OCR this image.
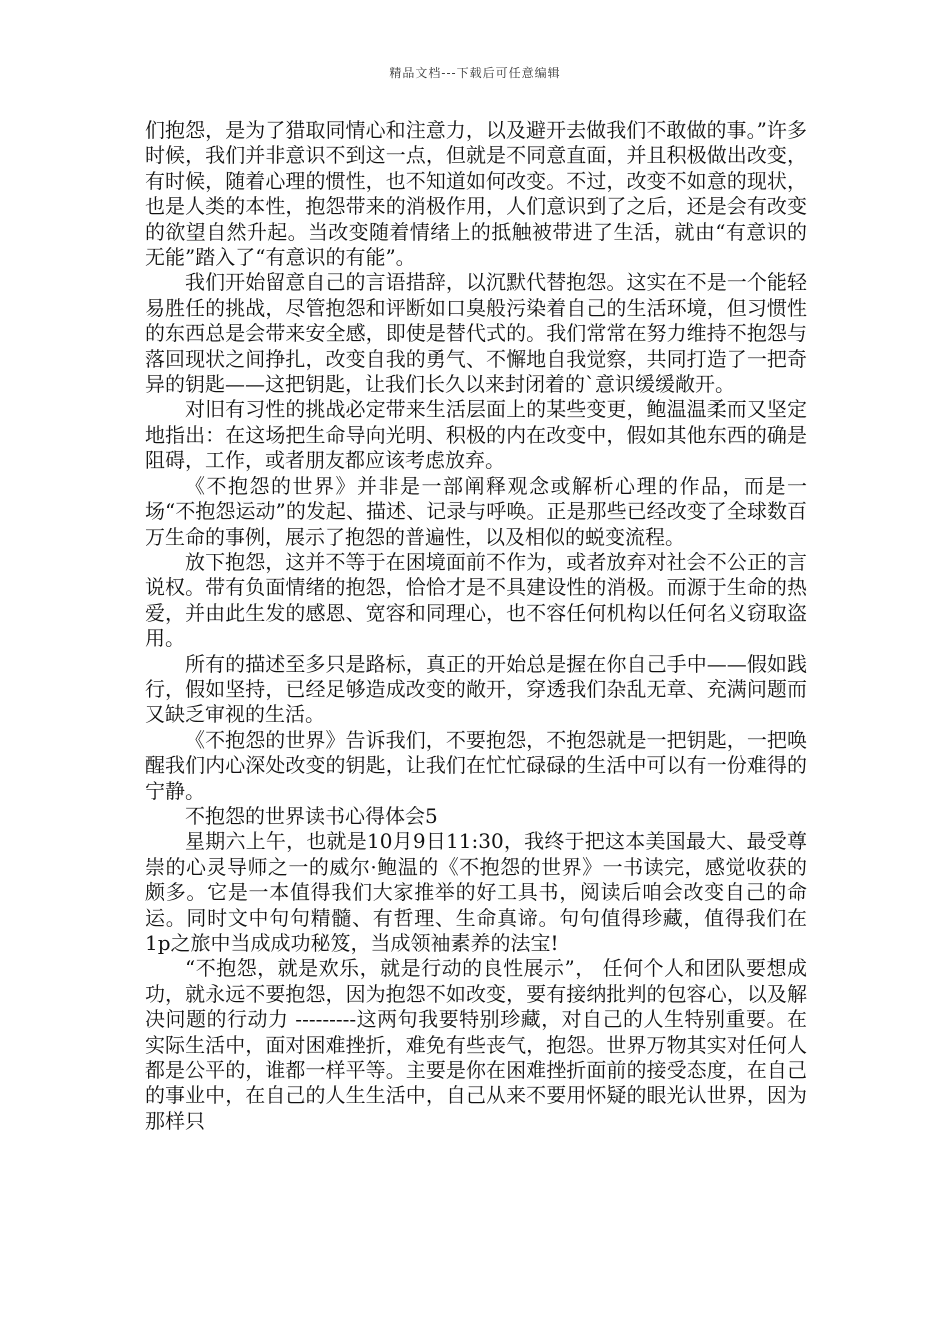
精品文档---下载后可任意编辑

们抱怨，是为了猎取同情心和注意力，以及避开去做我们不敢做的事。”许多时候，我们并非意识不到这一点，但就是不同意直面，并且积极做出改变，有时候，随着心理的惯性，也不知道如何改变。不过，改变不如意的现状，也是人类的本性，抱怨带来的消极作用，人们意识到了之后，还是会有改变的欲望自然升起。当改变随着情绪上的抵触被带进了生活，就由“有意识的无能”踏入了“有意识的有能”。

我们开始留意自己的言语措辞，以沉默代替抱怨。这实在不是一个能轻易胜任的挑战，尽管抱怨和评断如口臭般污染着自己的生活环境，但习惯性的东西总是会带来安全感，即使是替代式的。我们常常在努力维持不抱怨与落回现状之间挣扎，改变自我的勇气、不懈地自我觉察，共同打造了一把奇异的钥匙——这把钥匙，让我们长久以来封闭着的`意识缓缓敞开。

对旧有习性的挑战必定带来生活层面上的某些变更，鲍温温柔而又坚定地指出：在这场把生命导向光明、积极的内在改变中，假如其他东西的确是阻碍，工作，或者朋友都应该考虑放弃。

《不抱怨的世界》并非是一部阐释观念或解析心理的作品，而是一场“不抱怨运动”的发起、描述、记录与呼唤。正是那些已经改变了全球数百万生命的事例，展示了抱怨的普遍性，以及相似的蜕变流程。

放下抱怨，这并不等于在困境面前不作为，或者放弃对社会不公正的言说权。带有负面情绪的抱怨，恰恰才是不具建设性的消极。而源于生命的热爱，并由此生发的感恩、宽容和同理心，也不容任何机构以任何名义窃取盗用。

所有的描述至多只是路标，真正的开始总是握在你自己手中——假如践行，假如坚持，已经足够造成改变的敞开，穿透我们杂乱无章、充满问题而又缺乏审视的生活。

《不抱怨的世界》告诉我们，不要抱怨，不抱怨就是一把钥匙，一把唤醒我们内心深处改变的钥匙，让我们在忙忙碌碌的生活中可以有一份难得的宁静。

不抱怨的世界读书心得体会5

星期六上午，也就是10月9日11:30，我终于把这本美国最大、最受尊崇的心灵导师之一的威尔·鲍温的《不抱怨的世界》一书读完，感觉收获的颇多。它是一本值得我们大家推举的好工具书，阅读后咱会改变自己的命运。同时文中句句精髓、有哲理、生命真谛。句句值得珍藏，值得我们在1p之旅中当成成功秘笈，当成领袖素养的法宝!

“不抱怨，就是欢乐，就是行动的良性展示”， 任何个人和团队要想成功，就永远不要抱怨，因为抱怨不如改变，要有接纳批判的包容心，以及解决问题的行动力 ---------这两句我要特别珍藏，对自己的人生特别重要。在实际生活中，面对困难挫折，难免有些丧气，抱怨。世界万物其实对任何人都是公平的，谁都一样平等。主要是你在困难挫折面前的接受态度，在自己的事业中，在自己的人生生活中，自己从来不要用怀疑的眼光认世界，因为那样只
